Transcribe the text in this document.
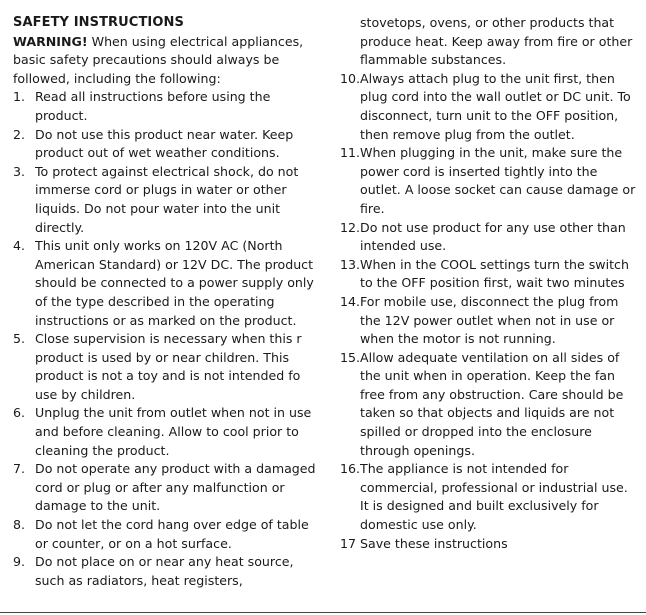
SAFETY INSTRUCTIONS

WARNING! When using electrical appliances, basic safety precautions should always be followed, including the following:

1. Read all instructions before using the product.
2. Do not use this product near water. Keep product out of wet weather conditions.
3. To protect against electrical shock, do not immerse cord or plugs in water or other liquids. Do not pour water into the unit directly.
4. This unit only works on 120V AC (North American Standard) or 12V DC. The product should be connected to a power supply only of the type described in the operating instructions or as marked on the product.
5. Close supervision is necessary when this r product is used by or near children. This product is not a toy and is not intended fo use by children.
6. Unplug the unit from outlet when not in use and before cleaning. Allow to cool prior to cleaning the product.
7. Do not operate any product with a damaged cord or plug or after any malfunction or damage to the unit.
8. Do not let the cord hang over edge of table or counter, or on a hot surface.
9. Do not place on or near any heat source, such as radiators, heat registers,

stovetops, ovens, or other products that produce heat. Keep away from fire or other flammable substances.

10. Always attach plug to the unit first, then plug cord into the wall outlet or DC unit. To disconnect, turn unit to the OFF position, then remove plug from the outlet.
11. When plugging in the unit, make sure the power cord is inserted tightly into the outlet. A loose socket can cause damage or fire.
12. Do not use product for any use other than intended use.
13. When in the COOL settings turn the switch to the OFF position first, wait two minutes
14. For mobile use, disconnect the plug from the 12V power outlet when not in use or when the motor is not running.
15. Allow adequate ventilation on all sides of the unit when in operation. Keep the fan free from any obstruction. Care should be taken so that objects and liquids are not spilled or dropped into the enclosure through openings.
16. The appliance is not intended for commercial, professional or industrial use. It is designed and built exclusively for domestic use only.
17 Save these instructions
